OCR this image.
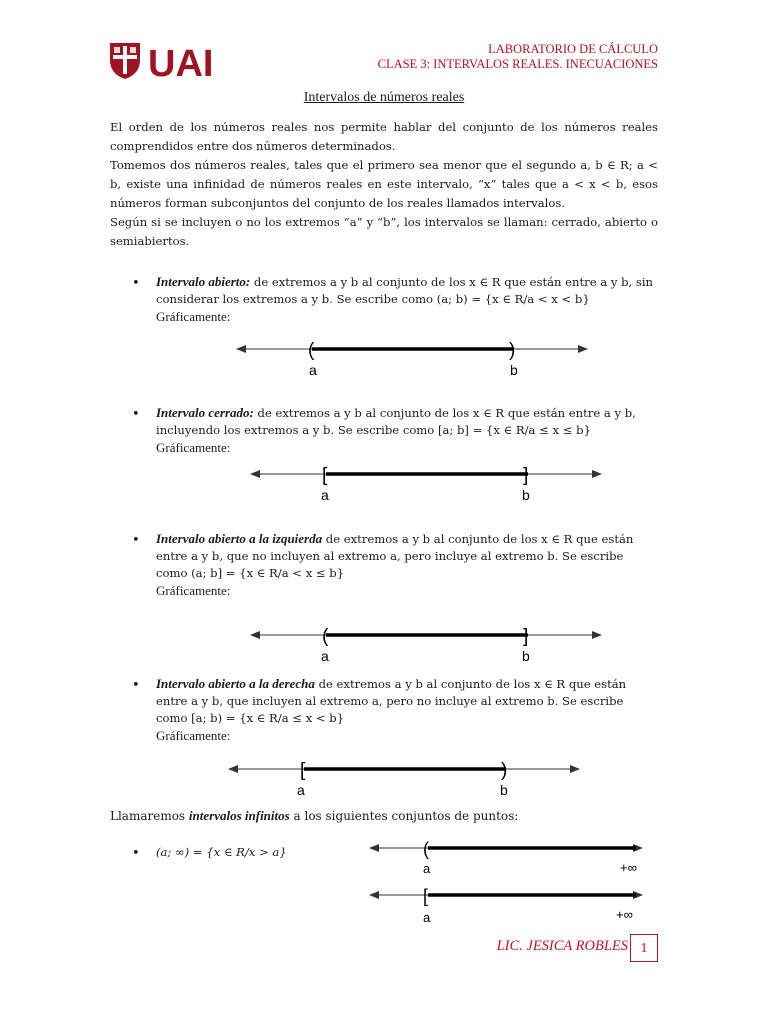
UAI	LABORATORIO DE CÁLCULO
CLASE 3: INTERVALOS REALES. INECUACIONES
Intervalos de números reales

El orden de los números reales nos permite hablar del conjunto de los números reales comprendidos entre dos números determinados.

Tomemos dos números reales, tales que el primero sea menor que el segundo a, b ∈ R; a < b, existe una infinidad de números reales en este intervalo, “x” tales que a < x < b, esos números forman subconjuntos del conjunto de los reales llamados intervalos.

Según si se incluyen o no los extremos “a” y “b”, los intervalos se llaman: cerrado, abierto o semiabiertos.

• Intervalo abierto: de extremos a y b al conjunto de los x ∈ R que están entre a y b, sin considerar los extremos a y b. Se escribe como (a; b) = {x ∈ R/a < x < b}
Gráficamente:
(	)
a	b
• Intervalo cerrado: de extremos a y b al conjunto de los x ∈ R que están entre a y b, incluyendo los extremos a y b. Se escribe como [a; b] = {x ∈ R/a ≤ x ≤ b}
Gráficamente:
[	]
a	b
• Intervalo abierto a la izquierda de extremos a y b al conjunto de los x ∈ R que están entre a y b, que no incluyen al extremo a, pero incluye al extremo b. Se escribe como (a; b] = {x ∈ R/a < x ≤ b}
Gráficamente:
(	]
a	b
• Intervalo abierto a la derecha de extremos a y b al conjunto de los x ∈ R que están entre a y b, que incluyen al extremo a, pero no incluye al extremo b. Se escribe como [a; b) = {x ∈ R/a ≤ x < b}
Gráficamente:
[	)
a	b
Llamaremos intervalos infinitos a los siguientes conjuntos de puntos:
• (a; ∞) = {x ∈ R/x > a}	(
a	+∞
[
a	+∞
LIC. JESICA ROBLES 1
